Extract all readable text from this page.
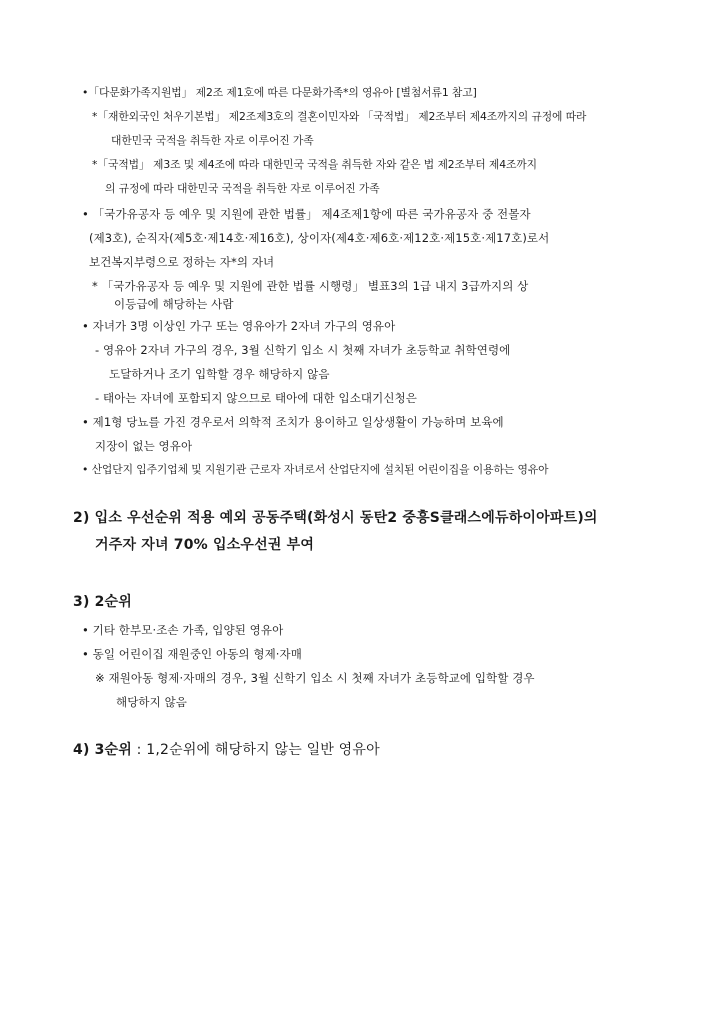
•「다문화가족지원법」 제2조 제1호에 따른 다문화가족*의 영유아 [별첨서류1 참고]
*「재한외국인 처우기본법」 제2조제3호의 결혼이민자와 「국적법」 제2조부터 제4조까지의 규정에 따라
대한민국 국적을 취득한 자로 이루어진 가족
*「국적법」 제3조 및 제4조에 따라 대한민국 국적을 취득한 자와 같은 법 제2조부터 제4조까지
의 규정에 따라 대한민국 국적을 취득한 자로 이루어진 가족
• 「국가유공자 등 예우 및 지원에 관한 법률」 제4조제1항에 따른 국가유공자 중 전몰자
(제3호), 순직자(제5호·제14호·제16호), 상이자(제4호·제6호·제12호·제15호·제17호)로서
보건복지부령으로 정하는 자*의 자녀
* 「국가유공자 등 예우 및 지원에 관한 법률 시행령」 별표3의 1급 내지 3급까지의 상
이등급에 해당하는 사람
• 자녀가 3명 이상인 가구 또는 영유아가 2자녀 가구의 영유아
- 영유아 2자녀 가구의 경우, 3월 신학기 입소 시 첫째 자녀가 초등학교 취학연령에
도달하거나 조기 입학할 경우 해당하지 않음
- 태아는 자녀에 포함되지 않으므로 태아에 대한 입소대기신청은
• 제1형 당뇨를 가진 경우로서 의학적 조치가 용이하고 일상생활이 가능하며 보육에
지장이 없는 영유아
• 산업단지 입주기업체 및 지원기관 근로자 자녀로서 산업단지에 설치된 어린이집을 이용하는 영유아
2) 입소 우선순위 적용 예외 공동주택(화성시 동탄2 중흥S클래스에듀하이아파트)의
거주자 자녀 70% 입소우선권 부여
3) 2순위
• 기타 한부모·조손 가족, 입양된 영유아
• 동일 어린이집 재원중인 아동의 형제·자매
※ 재원아동 형제·자매의 경우, 3월 신학기 입소 시 첫째 자녀가 초등학교에 입학할 경우
해당하지 않음
4) 3순위 : 1,2순위에 해당하지 않는 일반 영유아
